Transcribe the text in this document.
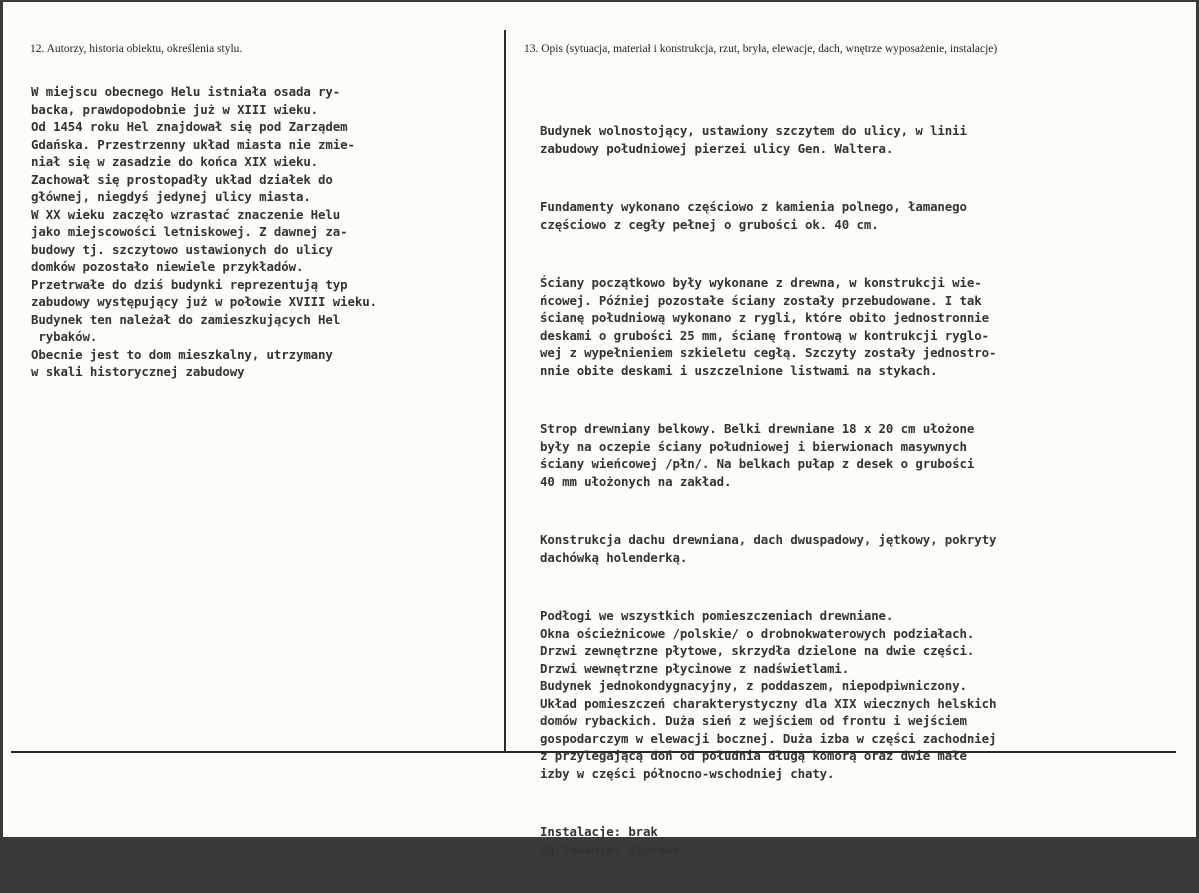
12. Autorzy, historia obiektu, określenia stylu.	13. Opis (sytuacja, materiał i konstrukcja, rzut, bryła, elewacje, dach, wnętrze wyposażenie, instalacje)
W miejscu obecnego Helu istniała osada ry-
backa, prawdopodobnie już w XIII wieku.
Od 1454 roku Hel znajdował się pod Zarządem
Gdańska. Przestrzenny układ miasta nie zmie-
niał się w zasadzie do końca XIX wieku.
Zachował się prostopadły układ działek do
głównej, niegdyś jedynej ulicy miasta.
W XX wieku zaczęło wzrastać znaczenie Helu
jako miejscowości letniskowej. Z dawnej za-
budowy tj. szczytowo ustawionych do ulicy
domków pozostało niewiele przykładów.
Przetrwałe do dziś budynki reprezentują typ
zabudowy występujący już w połowie XVIII wieku.
Budynek ten należał do zamieszkujących Hel
rybaków.
Obecnie jest to dom mieszkalny, utrzymany
w skali historycznej zabudowy

Budynek wolnostojący, ustawiony szczytem do ulicy, w linii
zabudowy południowej pierzei ulicy Gen. Waltera.

Fundamenty wykonano częściowo z kamienia polnego, łamanego
częściowo z cegły pełnej o grubości ok. 40 cm.

Ściany początkowo były wykonane z drewna, w konstrukcji wie-
ńcowej. Później pozostałe ściany zostały przebudowane. I tak
ścianę południową wykonano z rygli, które obito jednostronnie
deskami o grubości 25 mm, ścianę frontową w kontrukcji ryglo-
wej z wypełnieniem szkieletu cegłą. Szczyty zostały jednostro-
nnie obite deskami i uszczelnione listwami na stykach.

Strop drewniany belkowy. Belki drewniane 18 x 20 cm ułożone
były na oczepie ściany południowej i bierwionach masywnych
ściany wieńcowej /płn/. Na belkach pułap z desek o grubości
40 mm ułożonych na zakład.

Konstrukcja dachu drewniana, dach dwuspadowy, jętkowy, pokryty
dachówką holenderką.

Podłogi we wszystkich pomieszczeniach drewniane.
Okna ościeżnicowe /polskie/ o drobnokwaterowych podziałach.
Drzwi zewnętrzne płytowe, skrzydła dzielone na dwie części.
Drzwi wewnętrzne płycinowe z nadświetlami.
Budynek jednokondygnacyjny, z poddaszem, niepodpiwniczony.
Układ pomieszczeń charakterystyczny dla XIX wiecznych helskich
domów rybackich. Duża sień z wejściem od frontu i wejściem
gospodarczym w elewacji bocznej. Duża izba w części zachodniej
z przylegającą doń od południa długą komorą oraz dwie małe
izby w części północno-wschodniej chaty.

Instalacje: brak
Ogrzewanie: piecowe
